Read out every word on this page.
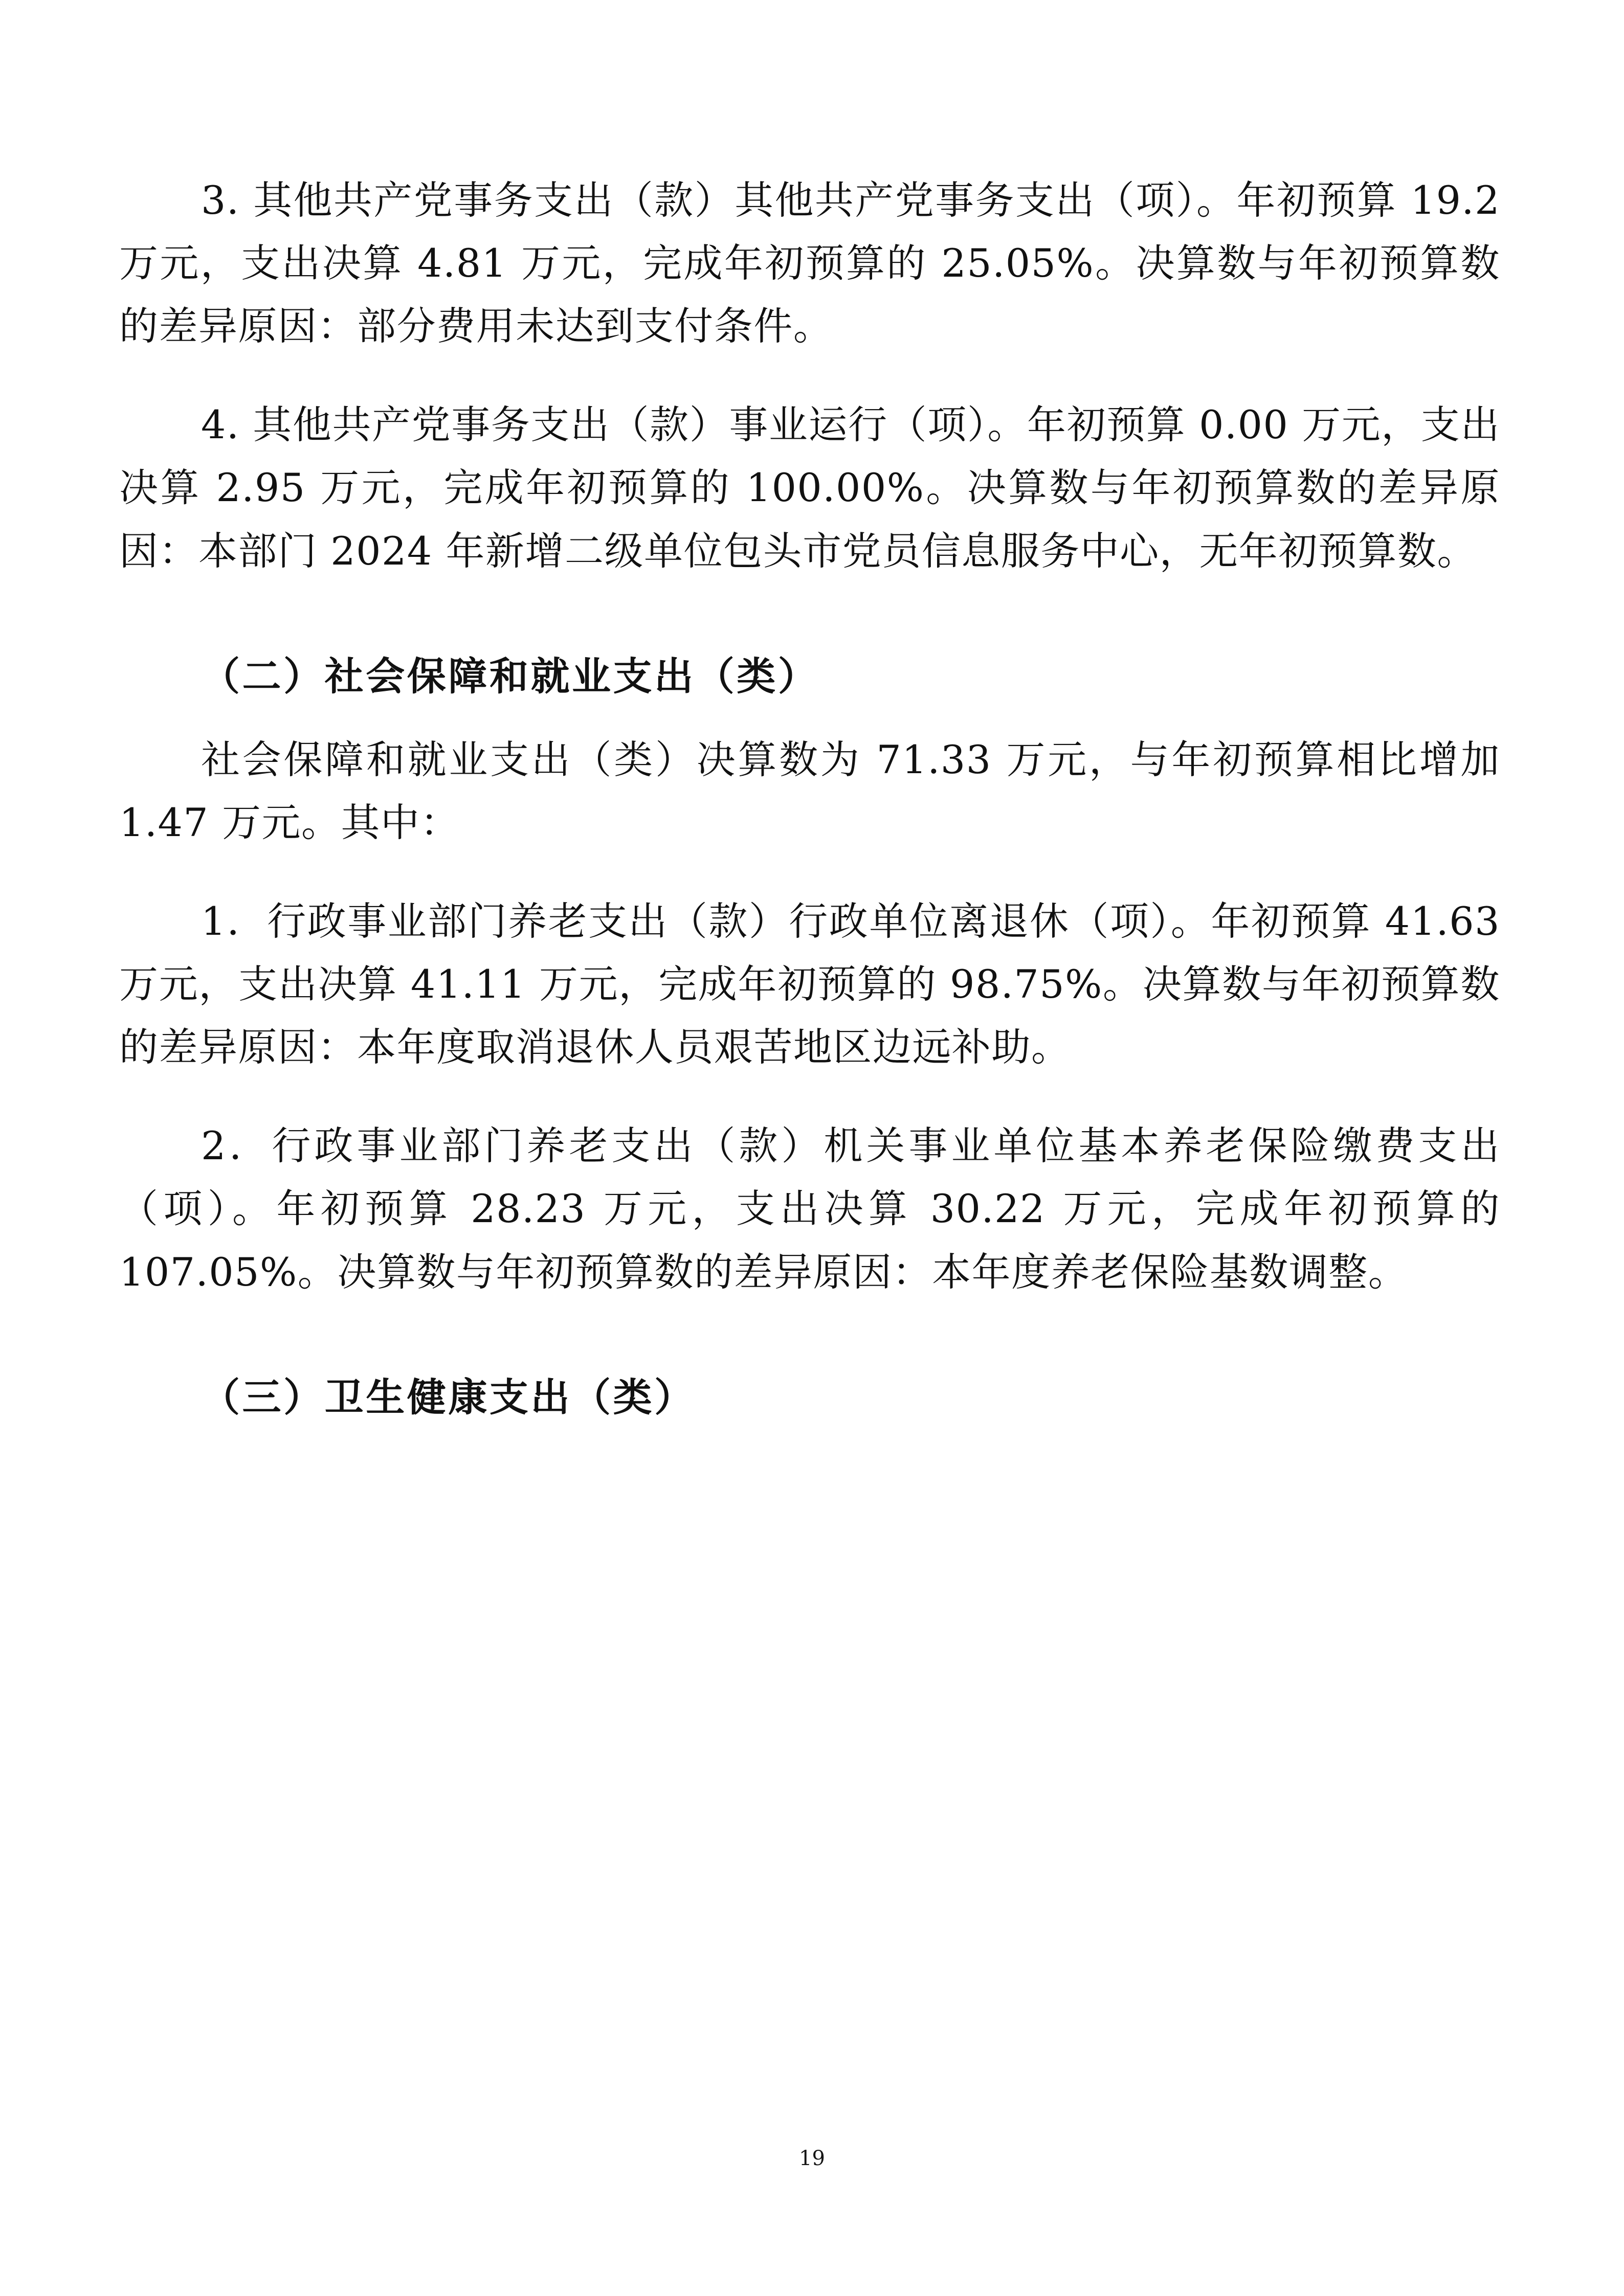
3. 其他共产党事务支出（款）其他共产党事务支出（项）。年初预算 19.2 万元，支出决算 4.81 万元，完成年初预算的 25.05%。决算数与年初预算数的差异原因：部分费用未达到支付条件。

4. 其他共产党事务支出（款）事业运行（项）。年初预算 0.00 万元，支出决算 2.95 万元，完成年初预算的 100.00%。决算数与年初预算数的差异原因：本部门 2024 年新增二级单位包头市党员信息服务中心，无年初预算数。

（二）社会保障和就业支出（类）

社会保障和就业支出（类）决算数为 71.33 万元，与年初预算相比增加 1.47 万元。其中：

1．行政事业部门养老支出（款）行政单位离退休（项）。年初预算 41.63 万元，支出决算 41.11 万元，完成年初预算的 98.75%。决算数与年初预算数的差异原因：本年度取消退休人员艰苦地区边远补助。

2．行政事业部门养老支出（款）机关事业单位基本养老保险缴费支出（项）。年初预算 28.23 万元，支出决算 30.22 万元，完成年初预算的 107.05%。决算数与年初预算数的差异原因：本年度养老保险基数调整。

（三）卫生健康支出（类）

19
